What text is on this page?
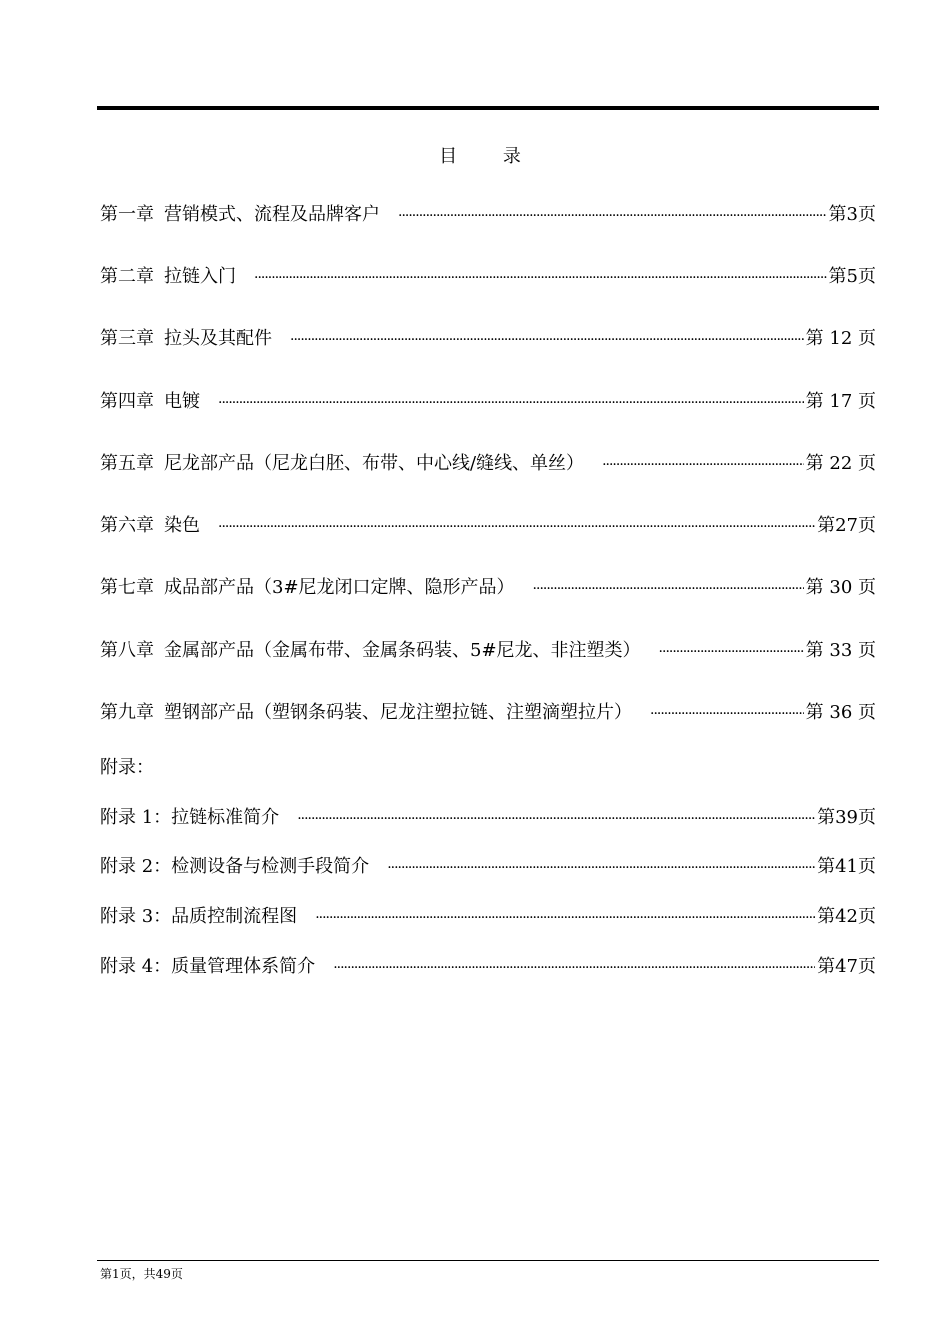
目 录
第一章 营销模式、流程及品牌客户 ·····	第3页
第二章 拉链入门 ·····	第5页
第三章 拉头及其配件 ·····	第 12 页
第四章 电镀 ·····	第 17 页
第五章 尼龙部产品（尼龙白胚、布带、中心线/缝线、单丝） ·····	第 22 页
第六章 染色 ·····	第27页
第七章 成品部产品（3#尼龙闭口定牌、隐形产品） ·····	第 30 页
第八章 金属部产品（金属布带、金属条码装、5#尼龙、非注塑类） ·····	第 33 页
第九章 塑钢部产品（塑钢条码装、尼龙注塑拉链、注塑滴塑拉片） ·····	第 36 页
附录：
附录 1：拉链标准简介 ·····	第39页
附录 2：检测设备与检测手段简介 ·····	第41页
附录 3：品质控制流程图 ·····	第42页
附录 4：质量管理体系简介 ·····	第47页
第1页，共49页
